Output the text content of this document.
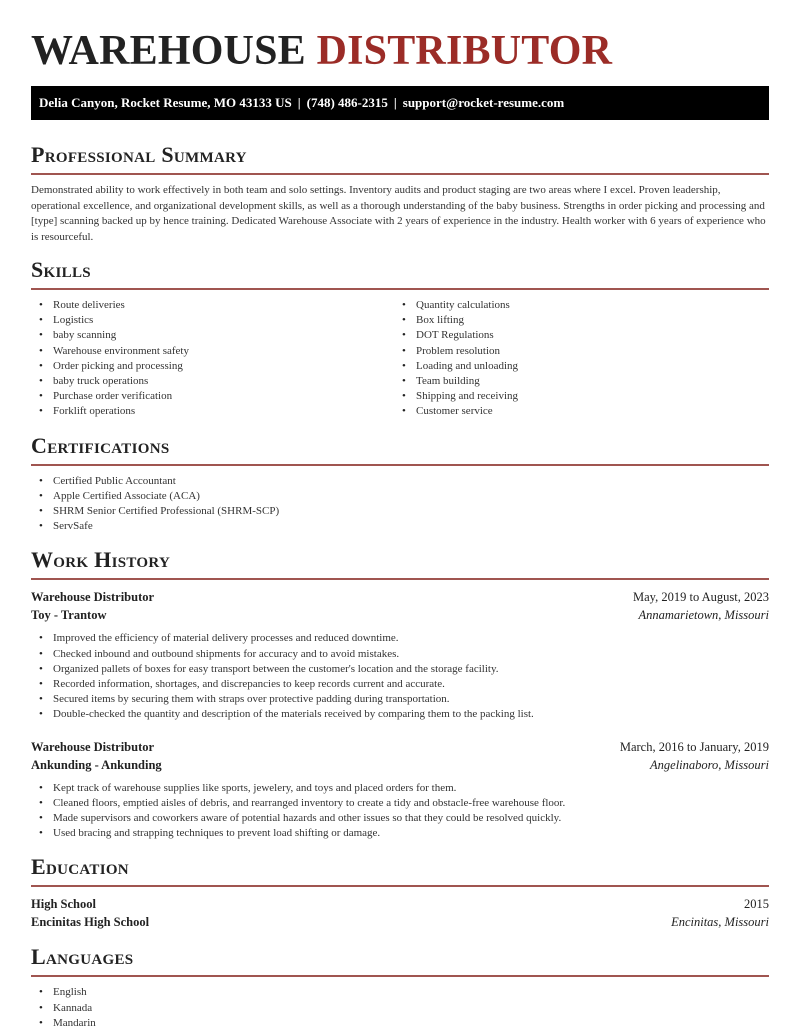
WAREHOUSE DISTRIBUTOR
Delia Canyon, Rocket Resume, MO 43133 US | (748) 486-2315 | support@rocket-resume.com
Professional Summary

Demonstrated ability to work effectively in both team and solo settings. Inventory audits and product staging are two areas where I excel. Proven leadership, operational excellence, and organizational development skills, as well as a thorough understanding of the baby business. Strengths in order picking and processing and [type] scanning backed up by hence training. Dedicated Warehouse Associate with 2 years of experience in the industry. Health worker with 6 years of experience who is resourceful.

Skills
• Route deliveries
• Logistics
• baby scanning
• Warehouse environment safety
• Order picking and processing
• baby truck operations
• Purchase order verification
• Forklift operations
• Quantity calculations
• Box lifting
• DOT Regulations
• Problem resolution
• Loading and unloading
• Team building
• Shipping and receiving
• Customer service
Certifications
• Certified Public Accountant
• Apple Certified Associate (ACA)
• SHRM Senior Certified Professional (SHRM-SCP)
• ServSafe
Work History
Warehouse Distributor	May, 2019 to August, 2023
Toy - Trantow	Annamarietown, Missouri
• Improved the efficiency of material delivery processes and reduced downtime.
• Checked inbound and outbound shipments for accuracy and to avoid mistakes.
• Organized pallets of boxes for easy transport between the customer's location and the storage facility.
• Recorded information, shortages, and discrepancies to keep records current and accurate.
• Secured items by securing them with straps over protective padding during transportation.
• Double-checked the quantity and description of the materials received by comparing them to the packing list.
Warehouse Distributor	March, 2016 to January, 2019
Ankunding - Ankunding	Angelinaboro, Missouri
• Kept track of warehouse supplies like sports, jewelery, and toys and placed orders for them.
• Cleaned floors, emptied aisles of debris, and rearranged inventory to create a tidy and obstacle-free warehouse floor.
• Made supervisors and coworkers aware of potential hazards and other issues so that they could be resolved quickly.
• Used bracing and strapping techniques to prevent load shifting or damage.
Education
High School	2015
Encinitas High School	Encinitas, Missouri
Languages
• English
• Kannada
• Mandarin
